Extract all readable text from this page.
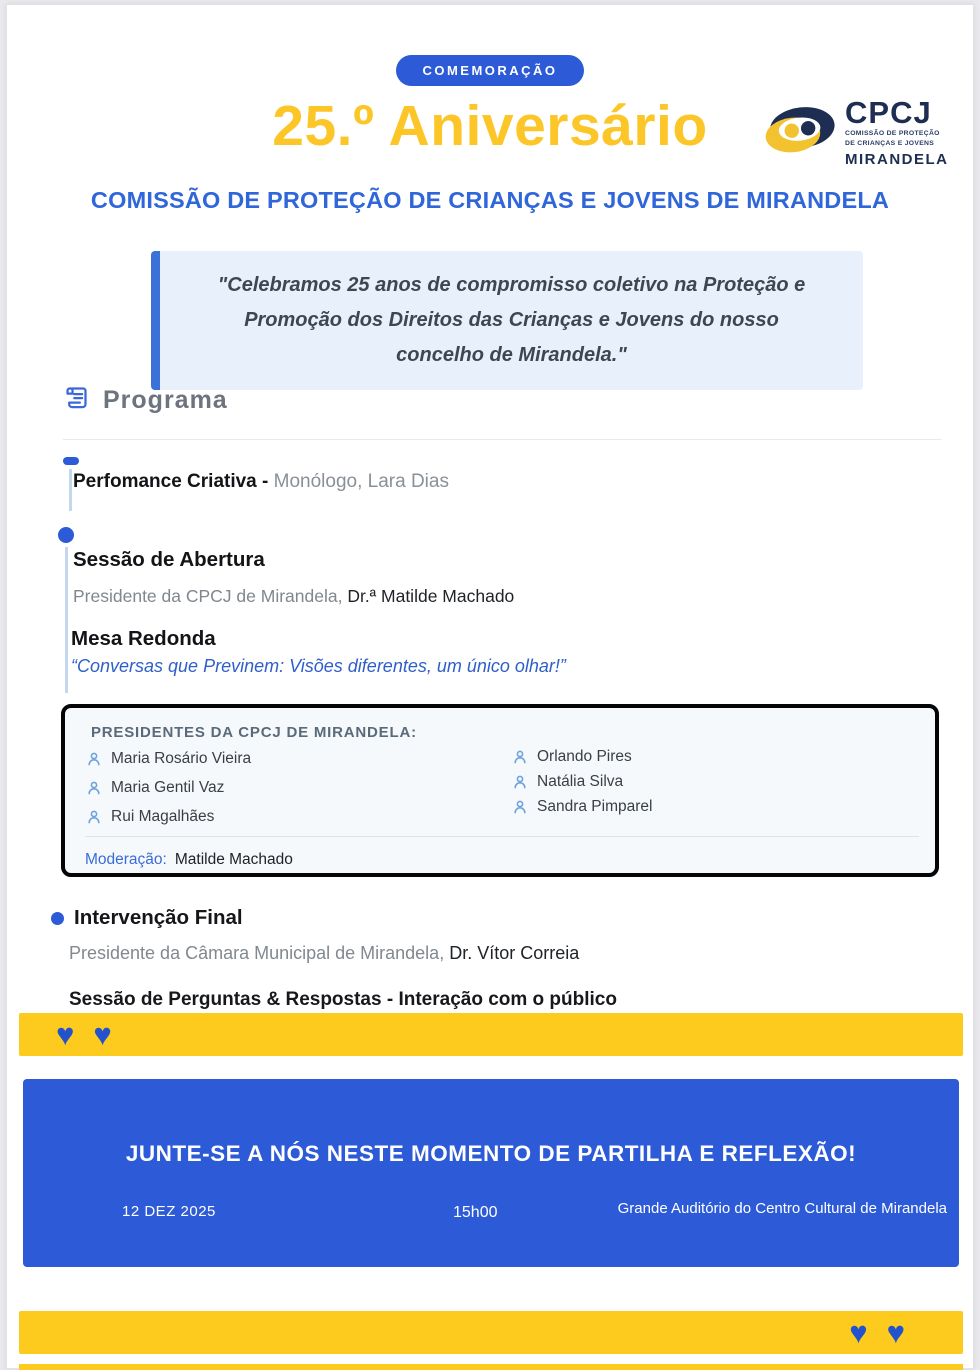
COMEMORAÇÃO
25.º Aniversário	CPCJ
COMISSÃO DE PROTEÇÃO
DE CRIANÇAS E JOVENS
MIRANDELA
COMISSÃO DE PROTEÇÃO DE CRIANÇAS E JOVENS DE MIRANDELA
"Celebramos 25 anos de compromisso coletivo na Proteção e Promoção dos Direitos das Crianças e Jovens do nosso concelho de Mirandela."
Programa
Perfomance Criativa - Monólogo, Lara Dias
Sessão de Abertura
Presidente da CPCJ de Mirandela, Dr.ª Matilde Machado
Mesa Redonda
“Conversas que Previnem: Visões diferentes, um único olhar!”
PRESIDENTES DA CPCJ DE MIRANDELA:
Maria Rosário Vieira
Maria Gentil Vaz
Rui Magalhães
Orlando Pires
Natália Silva
Sandra Pimparel
Moderação: Matilde Machado
Intervenção Final
Presidente da Câmara Municipal de Mirandela, Dr. Vítor Correia
Sessão de Perguntas & Respostas - Interação com o público
♥ ♥
JUNTE-SE A NÓS NESTE MOMENTO DE PARTILHA E REFLEXÃO!
12 DEZ 2025	15h00	Grande Auditório do Centro Cultural de Mirandela
♥ ♥
